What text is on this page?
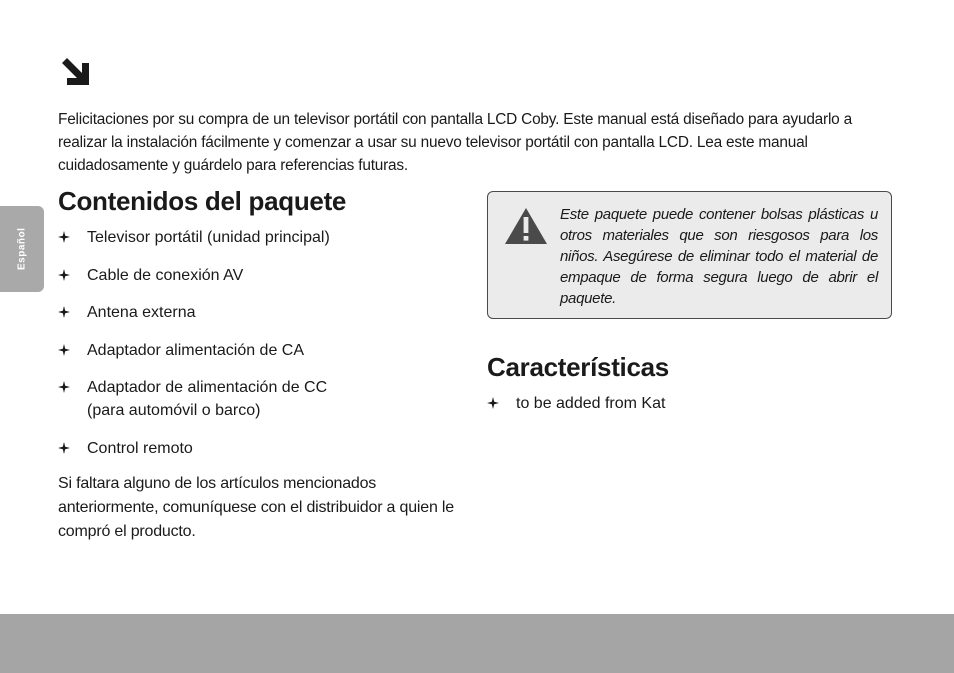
Español

Felicitaciones por su compra de un televisor portátil con pantalla LCD Coby. Este manual está diseñado para ayudarlo a realizar la instalación fácilmente y comenzar a usar su nuevo televisor portátil con pantalla LCD. Lea este manual cuidadosamente y guárdelo para referencias futuras.

Contenidos del paquete
Televisor portátil (unidad principal)
Cable de conexión AV
Antena externa
Adaptador alimentación de CA
Adaptador de alimentación de CC
(para automóvil o barco)
Control remoto

Si faltara alguno de los artículos mencionados anteriormente, comuníquese con el distribuidor a quien le compró el producto.

Este paquete puede contener bolsas plásticas u otros materiales que son riesgosos para los niños. Asegúrese de eliminar todo el material de empaque de forma segura luego de abrir el paquete.

Características
to be added from Kat
